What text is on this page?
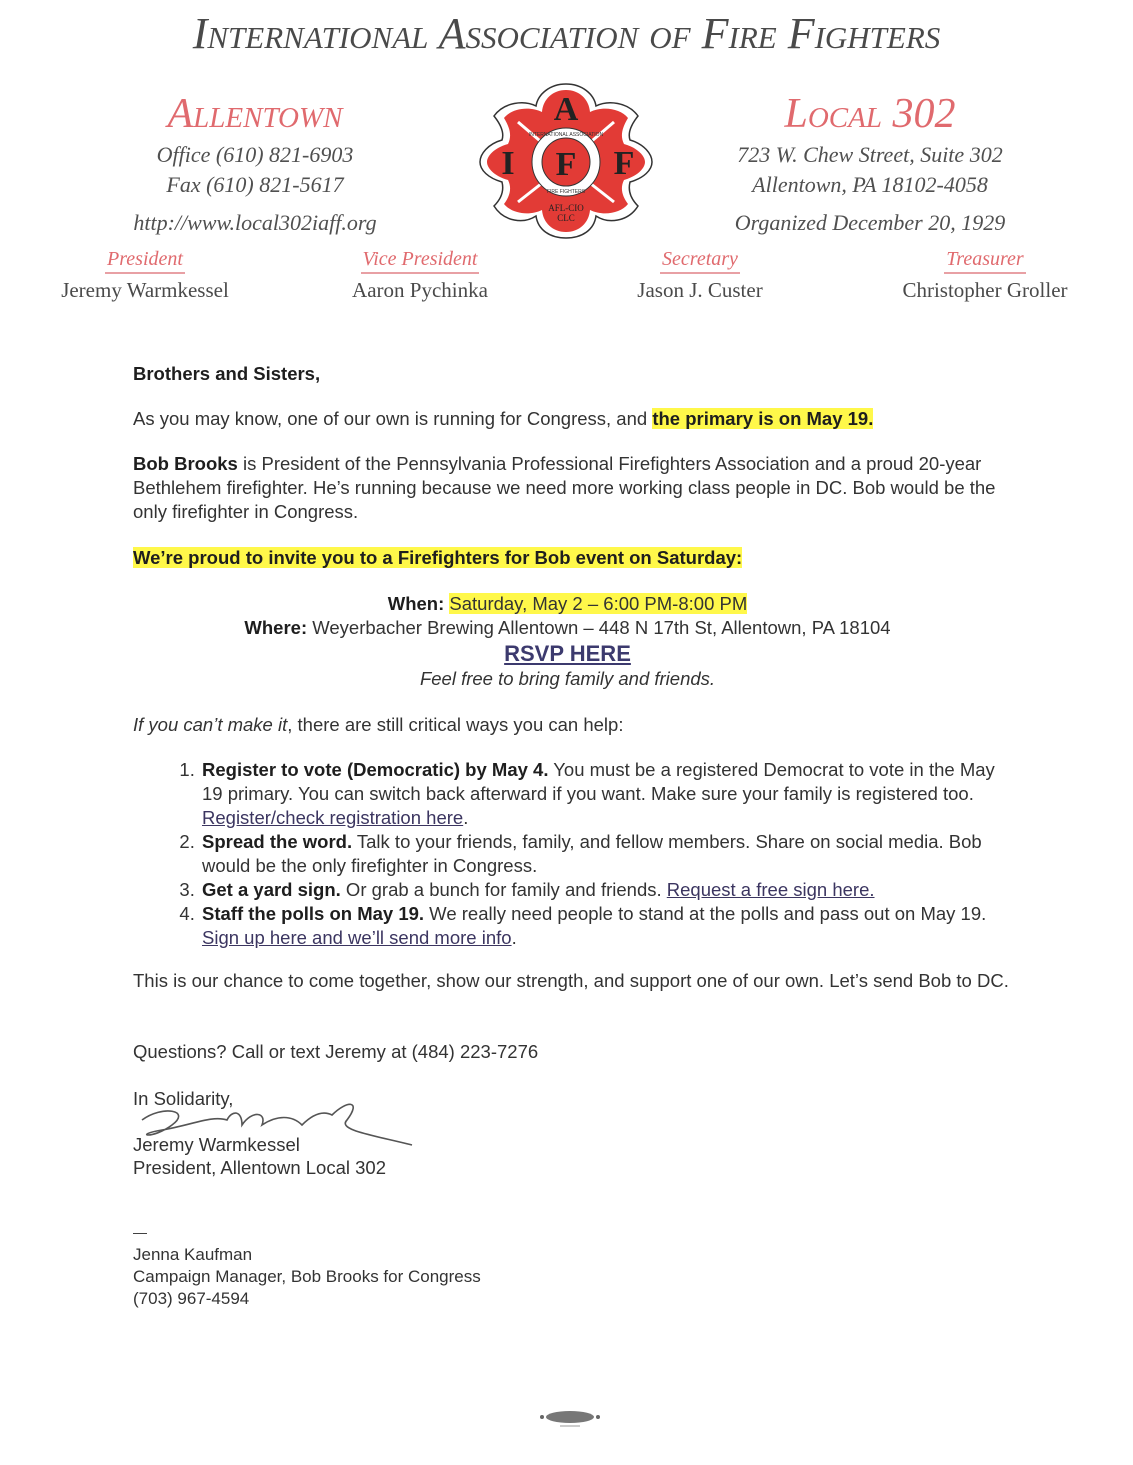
International Association of Fire Fighters
Allentown
Office (610) 821-6903
Fax (610) 821-5617
http://www.local302iaff.org
A
I F F
INTERNATIONAL ASSOCIATION
FIRE FIGHTERS
AFL-CIO
CLC
Local 302
723 W. Chew Street, Suite 302
Allentown, PA 18102-4058
Organized December 20, 1929
President
Jeremy Warmkessel
Vice President
Aaron Pychinka
Secretary
Jason J. Custer
Treasurer
Christopher Groller
Brothers and Sisters,
As you may know, one of our own is running for Congress, and the primary is on May 19.
Bob Brooks is President of the Pennsylvania Professional Firefighters Association and a proud 20-year Bethlehem firefighter. He’s running because we need more working class people in DC. Bob would be the only firefighter in Congress.
We’re proud to invite you to a Firefighters for Bob event on Saturday:
When: Saturday, May 2 – 6:00 PM-8:00 PM
Where: Weyerbacher Brewing Allentown – 448 N 17th St, Allentown, PA 18104
RSVP HERE
Feel free to bring family and friends.
If you can’t make it, there are still critical ways you can help:
1. Register to vote (Democratic) by May 4. You must be a registered Democrat to vote in the May 19 primary. You can switch back afterward if you want. Make sure your family is registered too. Register/check registration here.
2. Spread the word. Talk to your friends, family, and fellow members. Share on social media. Bob would be the only firefighter in Congress.
3. Get a yard sign. Or grab a bunch for family and friends. Request a free sign here.
4. Staff the polls on May 19. We really need people to stand at the polls and pass out on May 19. Sign up here and we’ll send more info.
This is our chance to come together, show our strength, and support one of our own. Let’s send Bob to DC.
Questions? Call or text Jeremy at (484) 223-7276
In Solidarity,
Jeremy Warmkessel
President, Allentown Local 302
—
Jenna Kaufman
Campaign Manager, Bob Brooks for Congress
(703) 967-4594
